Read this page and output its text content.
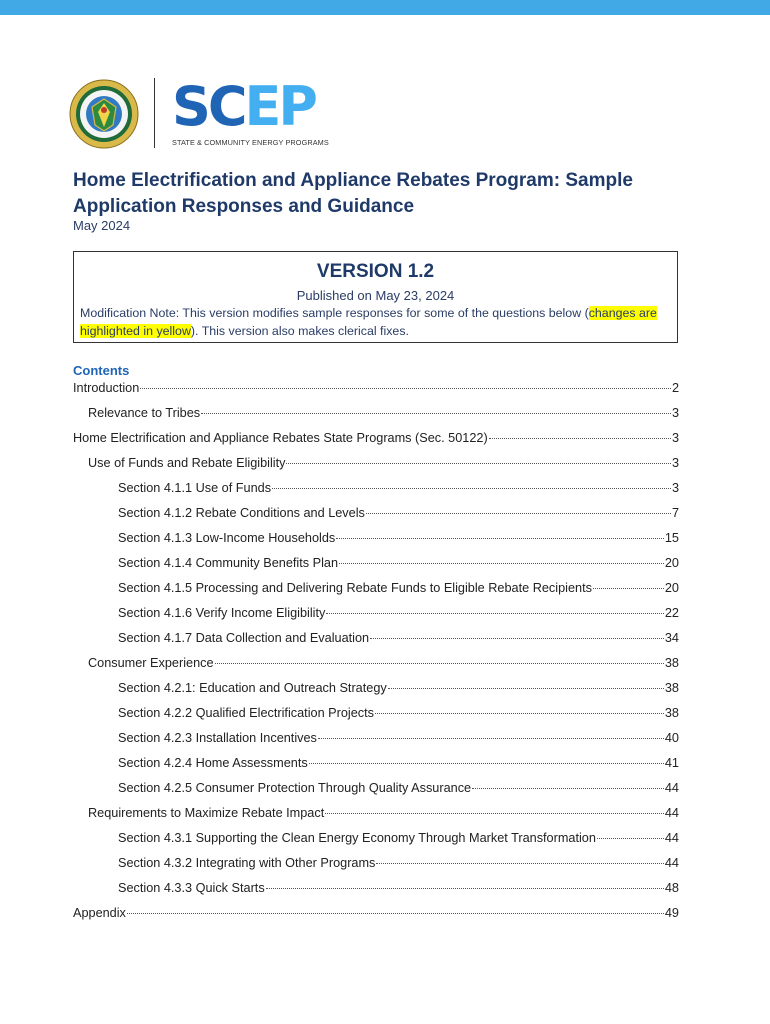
SCEP
STATE & COMMUNITY ENERGY PROGRAMS
Home Electrification and Appliance Rebates Program: Sample Application Responses and Guidance
May 2024
VERSION 1.2
Published on May 23, 2024
Modification Note: This version modifies sample responses for some of the questions below (changes are highlighted in yellow). This version also makes clerical fixes.
Contents
Introduction	2
Relevance to Tribes	3
Home Electrification and Appliance Rebates State Programs (Sec. 50122)	3
Use of Funds and Rebate Eligibility	3
Section 4.1.1 Use of Funds	3
Section 4.1.2 Rebate Conditions and Levels	7
Section 4.1.3 Low-Income Households	15
Section 4.1.4 Community Benefits Plan	20
Section 4.1.5 Processing and Delivering Rebate Funds to Eligible Rebate Recipients	20
Section 4.1.6 Verify Income Eligibility	22
Section 4.1.7 Data Collection and Evaluation	34
Consumer Experience	38
Section 4.2.1: Education and Outreach Strategy	38
Section 4.2.2 Qualified Electrification Projects	38
Section 4.2.3 Installation Incentives	40
Section 4.2.4 Home Assessments	41
Section 4.2.5 Consumer Protection Through Quality Assurance	44
Requirements to Maximize Rebate Impact	44
Section 4.3.1 Supporting the Clean Energy Economy Through Market Transformation	44
Section 4.3.2 Integrating with Other Programs	44
Section 4.3.3 Quick Starts	48
Appendix	49
